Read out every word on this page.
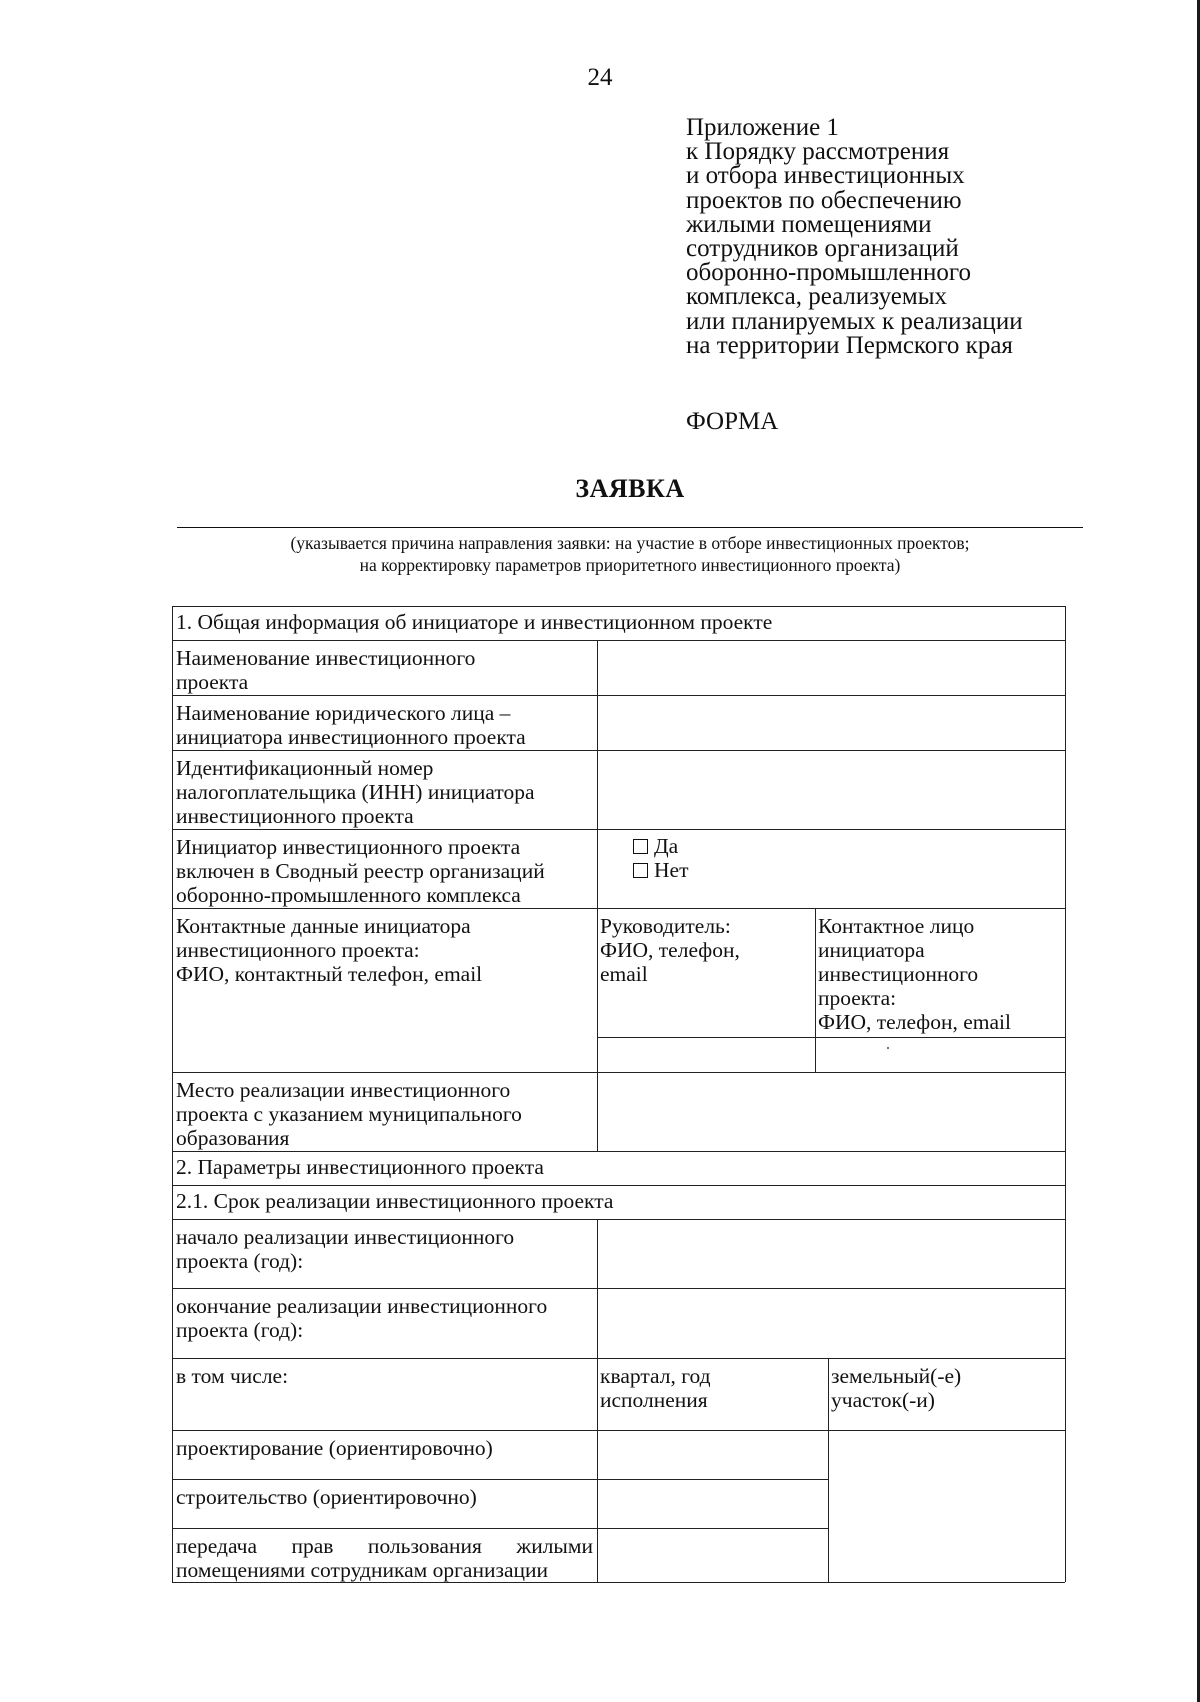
24
Приложение 1
к Порядку рассмотрения
и отбора инвестиционных
проектов по обеспечению
жилыми помещениями
сотрудников организаций
оборонно-промышленного
комплекса, реализуемых
или планируемых к реализации
на территории Пермского края
ФОРМА
ЗАЯВКА
(указывается причина направления заявки: на участие в отборе инвестиционных проектов;
на корректировку параметров приоритетного инвестиционного проекта)
1. Общая информация об инициаторе и инвестиционном проекте
Наименование инвестиционного
проекта
Наименование юридического лица –
инициатора инвестиционного проекта
Идентификационный номер
налогоплательщика (ИНН) инициатора
инвестиционного проекта
Инициатор инвестиционного проекта
включен в Сводный реестр организаций
оборонно-промышленного комплекса
Да
Нет
Контактные данные инициатора
инвестиционного проекта:
ФИО, контактный телефон, email
Руководитель:
ФИО, телефон,
email
Контактное лицо
инициатора
инвестиционного
проекта:
ФИО, телефон, email
Место реализации инвестиционного
проекта с указанием муниципального
образования
2. Параметры инвестиционного проекта
2.1. Срок реализации инвестиционного проекта
начало реализации инвестиционного
проекта (год):
окончание реализации инвестиционного
проекта (год):
в том числе:	квартал, год
исполнения
земельный(-е)
участок(-и)
проектирование (ориентировочно)
строительство (ориентировочно)
передача прав пользования жилыми
помещениями сотрудникам организации
